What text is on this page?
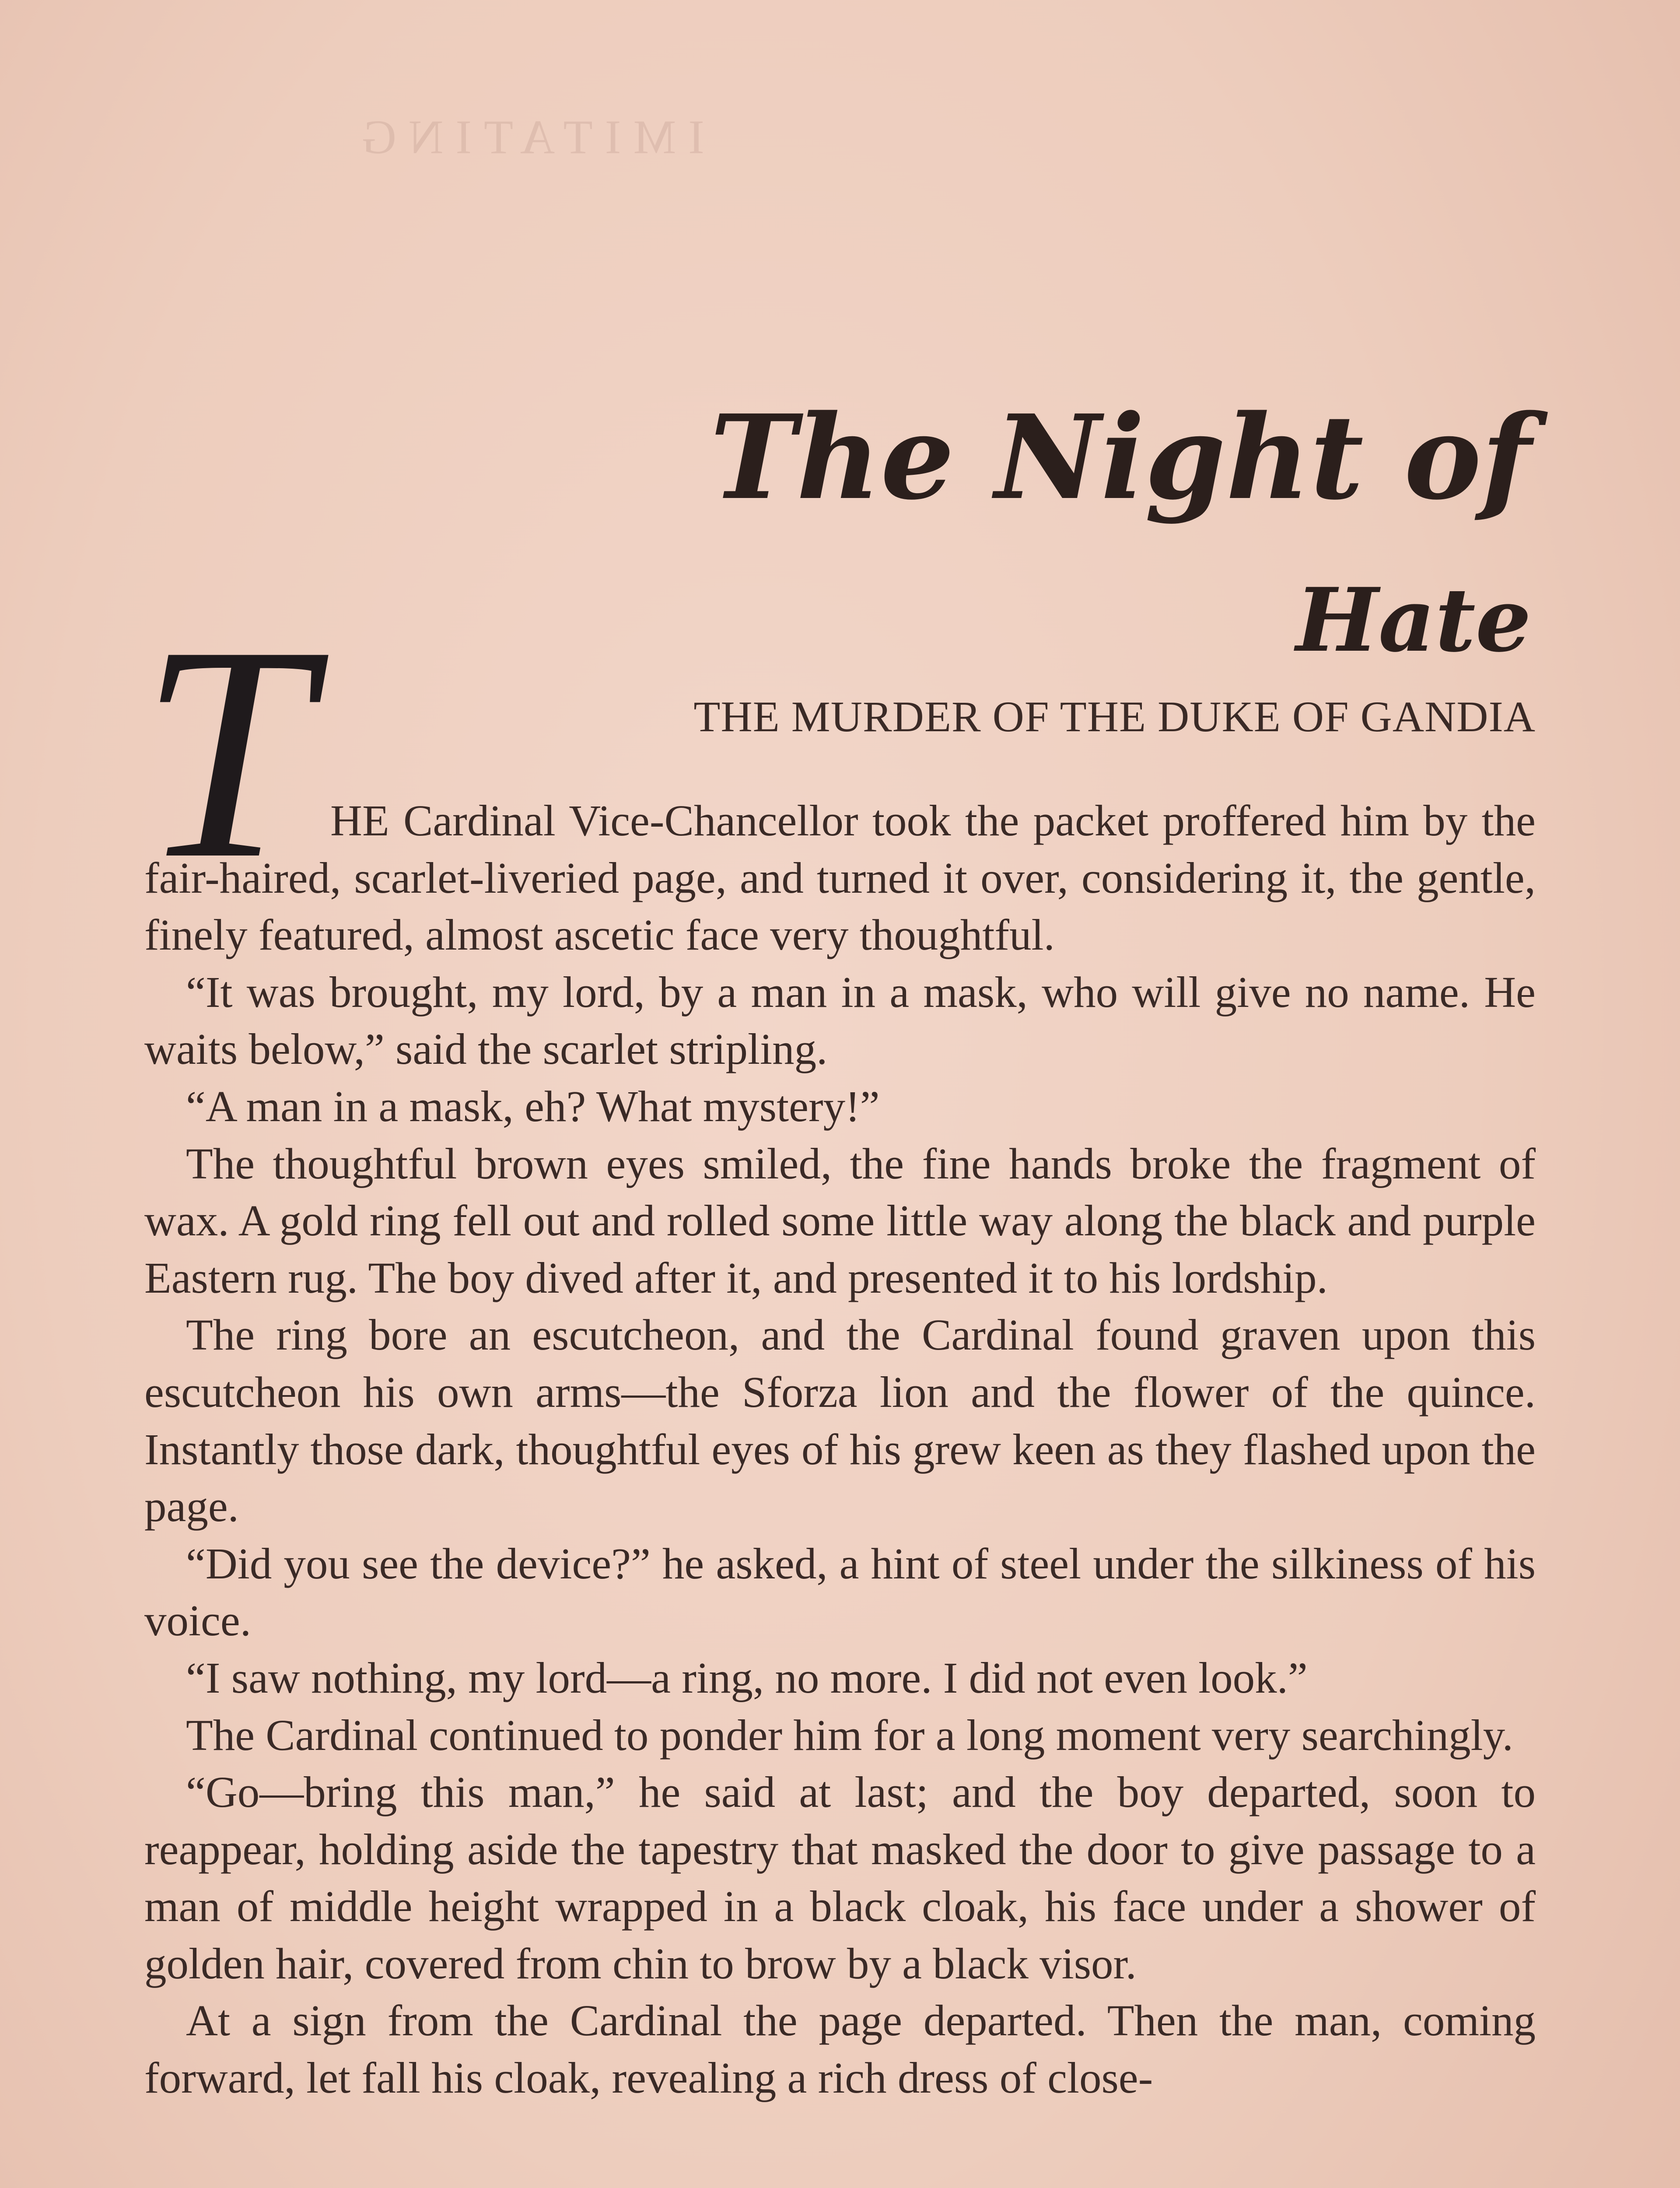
IMITATING
The Night of
Hate
T	THE MURDER OF THE DUKE OF GANDIA

HE Cardinal Vice-Chancellor took the packet proffered him by the fair-haired, scarlet-liveried page, and turned it over, considering it, the gentle, finely featured, almost ascetic face very thoughtful.

“It was brought, my lord, by a man in a mask, who will give no name. He waits below,” said the scarlet stripling.

“A man in a mask, eh? What mystery!”

The thoughtful brown eyes smiled, the fine hands broke the fragment of wax. A gold ring fell out and rolled some little way along the black and purple Eastern rug. The boy dived after it, and presented it to his lordship.

The ring bore an escutcheon, and the Cardinal found graven upon this escutcheon his own arms—the Sforza lion and the flower of the quince. Instantly those dark, thoughtful eyes of his grew keen as they flashed upon the page.

“Did you see the device?” he asked, a hint of steel under the silkiness of his voice.

“I saw nothing, my lord—a ring, no more. I did not even look.”

The Cardinal continued to ponder him for a long moment very searchingly.

“Go—bring this man,” he said at last; and the boy departed, soon to reappear, holding aside the tapestry that masked the door to give passage to a man of middle height wrapped in a black cloak, his face under a shower of golden hair, covered from chin to brow by a black visor.

At a sign from the Cardinal the page departed. Then the man, coming forward, let fall his cloak, revealing a rich dress of close-
